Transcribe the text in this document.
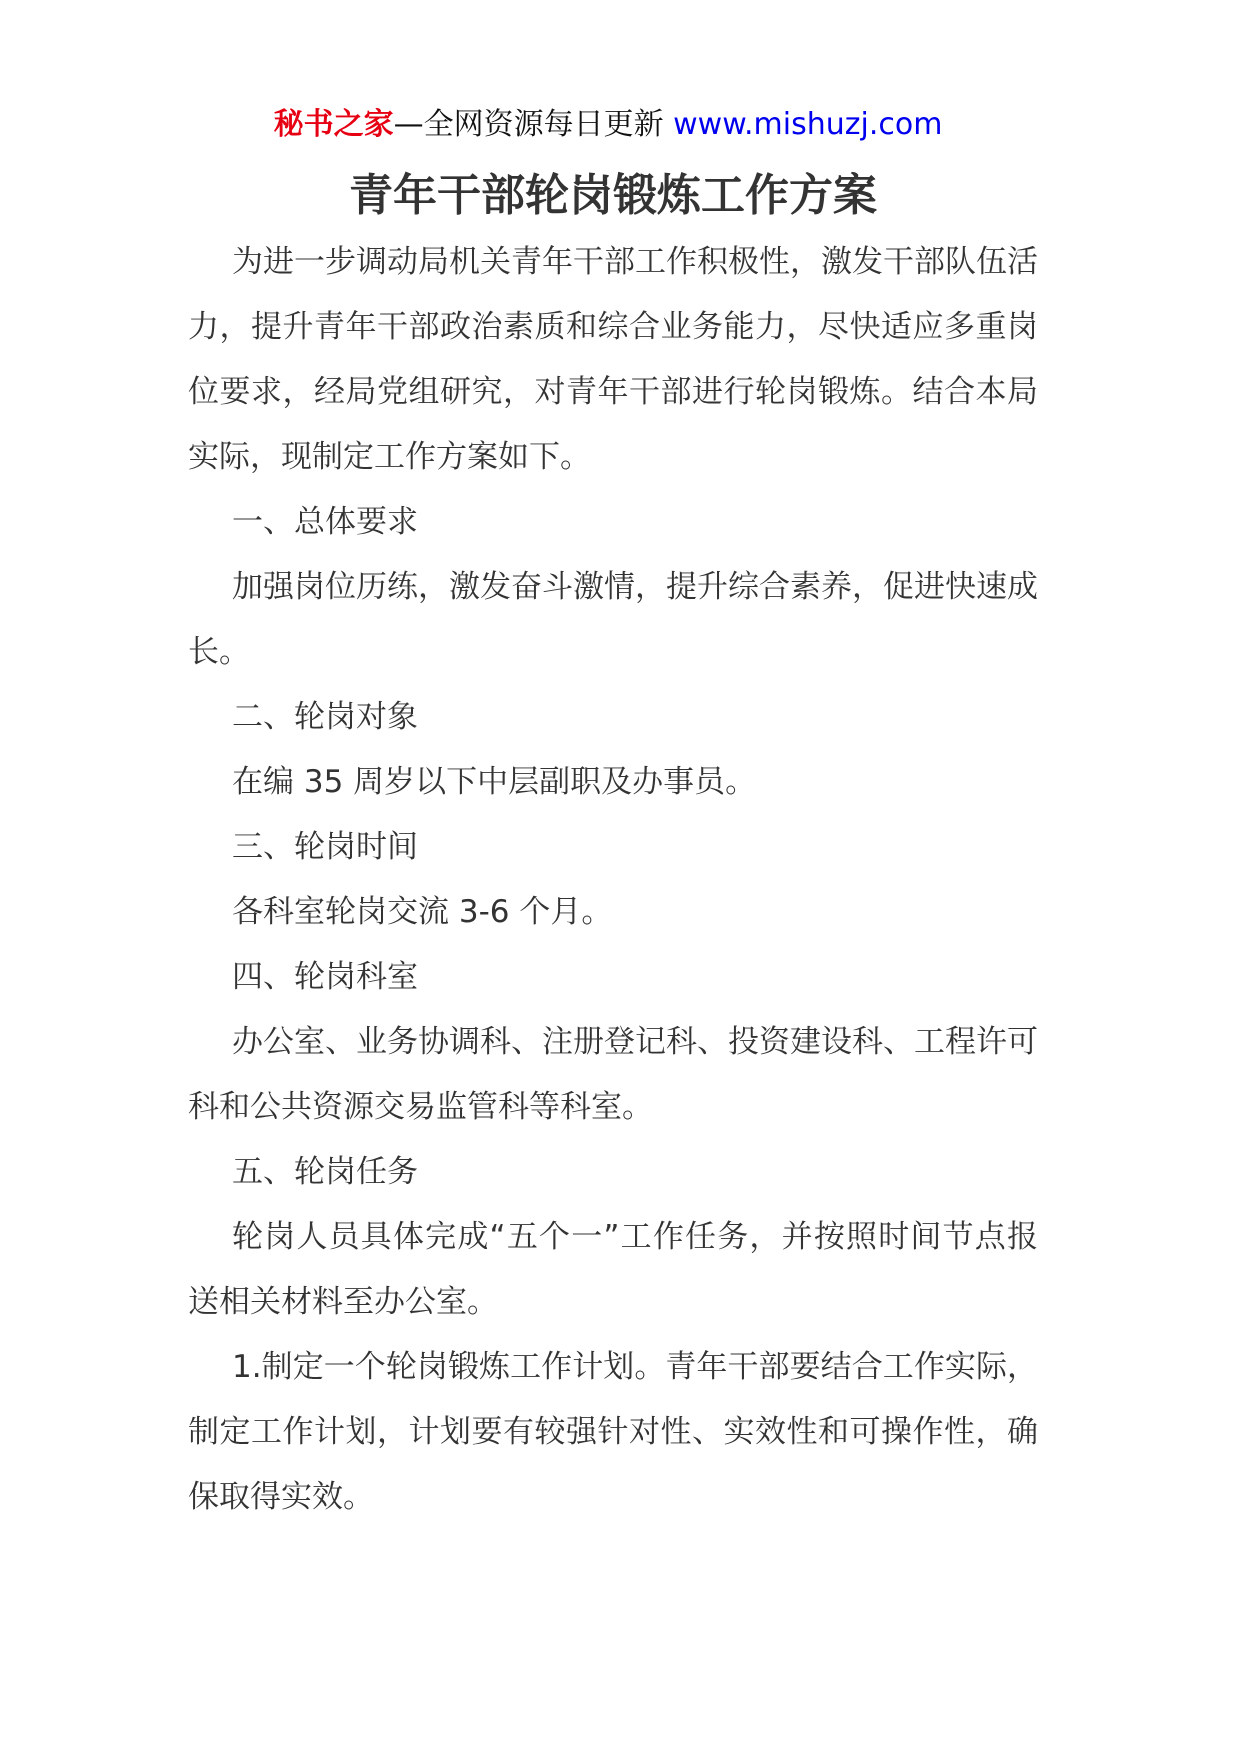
秘书之家—全网资源每日更新 www.mishuzj.com
青年干部轮岗锻炼工作方案

为进一步调动局机关青年干部工作积极性，激发干部队伍活力，提升青年干部政治素质和综合业务能力，尽快适应多重岗位要求，经局党组研究，对青年干部进行轮岗锻炼。结合本局实际，现制定工作方案如下。

一、总体要求

加强岗位历练，激发奋斗激情，提升综合素养，促进快速成长。

二、轮岗对象

在编 35 周岁以下中层副职及办事员。

三、轮岗时间

各科室轮岗交流 3-6 个月。

四、轮岗科室

办公室、业务协调科、注册登记科、投资建设科、工程许可科和公共资源交易监管科等科室。

五、轮岗任务

轮岗人员具体完成“五个一”工作任务，并按照时间节点报送相关材料至办公室。

1.制定一个轮岗锻炼工作计划。青年干部要结合工作实际，制定工作计划，计划要有较强针对性、实效性和可操作性，确保取得实效。
